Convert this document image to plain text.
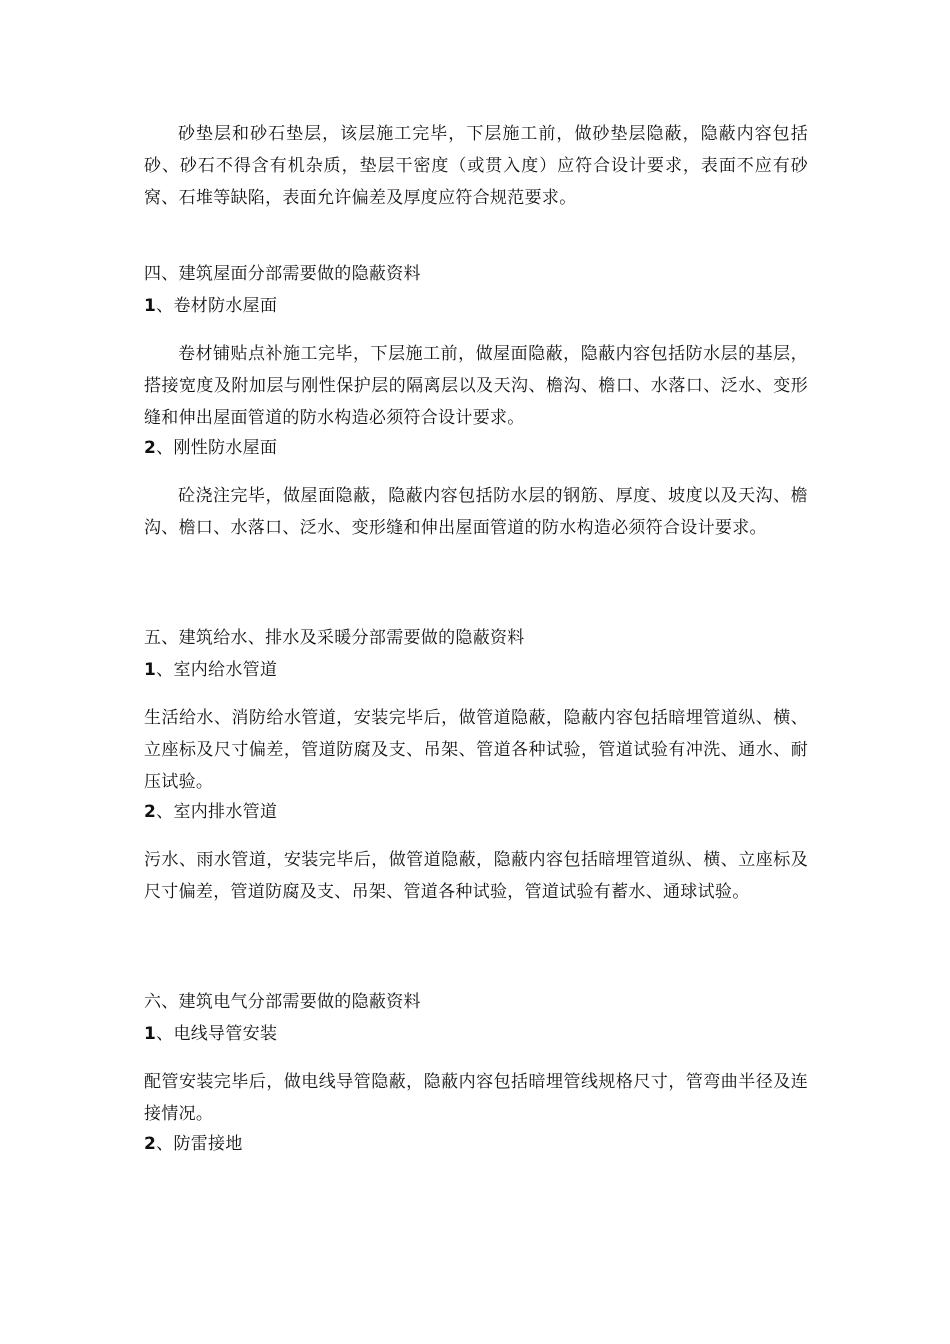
砂垫层和砂石垫层，该层施工完毕，下层施工前，做砂垫层隐蔽，隐蔽内容包括砂、砂石不得含有机杂质，垫层干密度（或贯入度）应符合设计要求，表面不应有砂窝、石堆等缺陷，表面允许偏差及厚度应符合规范要求。
四、建筑屋面分部需要做的隐蔽资料
1、卷材防水屋面
卷材铺贴点补施工完毕，下层施工前，做屋面隐蔽，隐蔽内容包括防水层的基层，搭接宽度及附加层与刚性保护层的隔离层以及天沟、檐沟、檐口、水落口、泛水、变形缝和伸出屋面管道的防水构造必须符合设计要求。
2、刚性防水屋面
砼浇注完毕，做屋面隐蔽，隐蔽内容包括防水层的钢筋、厚度、坡度以及天沟、檐沟、檐口、水落口、泛水、变形缝和伸出屋面管道的防水构造必须符合设计要求。
五、建筑给水、排水及采暖分部需要做的隐蔽资料
1、室内给水管道
生活给水、消防给水管道，安装完毕后，做管道隐蔽，隐蔽内容包括暗埋管道纵、横、立座标及尺寸偏差，管道防腐及支、吊架、管道各种试验，管道试验有冲洗、通水、耐压试验。
2、室内排水管道
污水、雨水管道，安装完毕后，做管道隐蔽，隐蔽内容包括暗埋管道纵、横、立座标及尺寸偏差，管道防腐及支、吊架、管道各种试验，管道试验有蓄水、通球试验。
六、建筑电气分部需要做的隐蔽资料
1、电线导管安装
配管安装完毕后，做电线导管隐蔽，隐蔽内容包括暗埋管线规格尺寸，管弯曲半径及连接情况。
2、防雷接地
